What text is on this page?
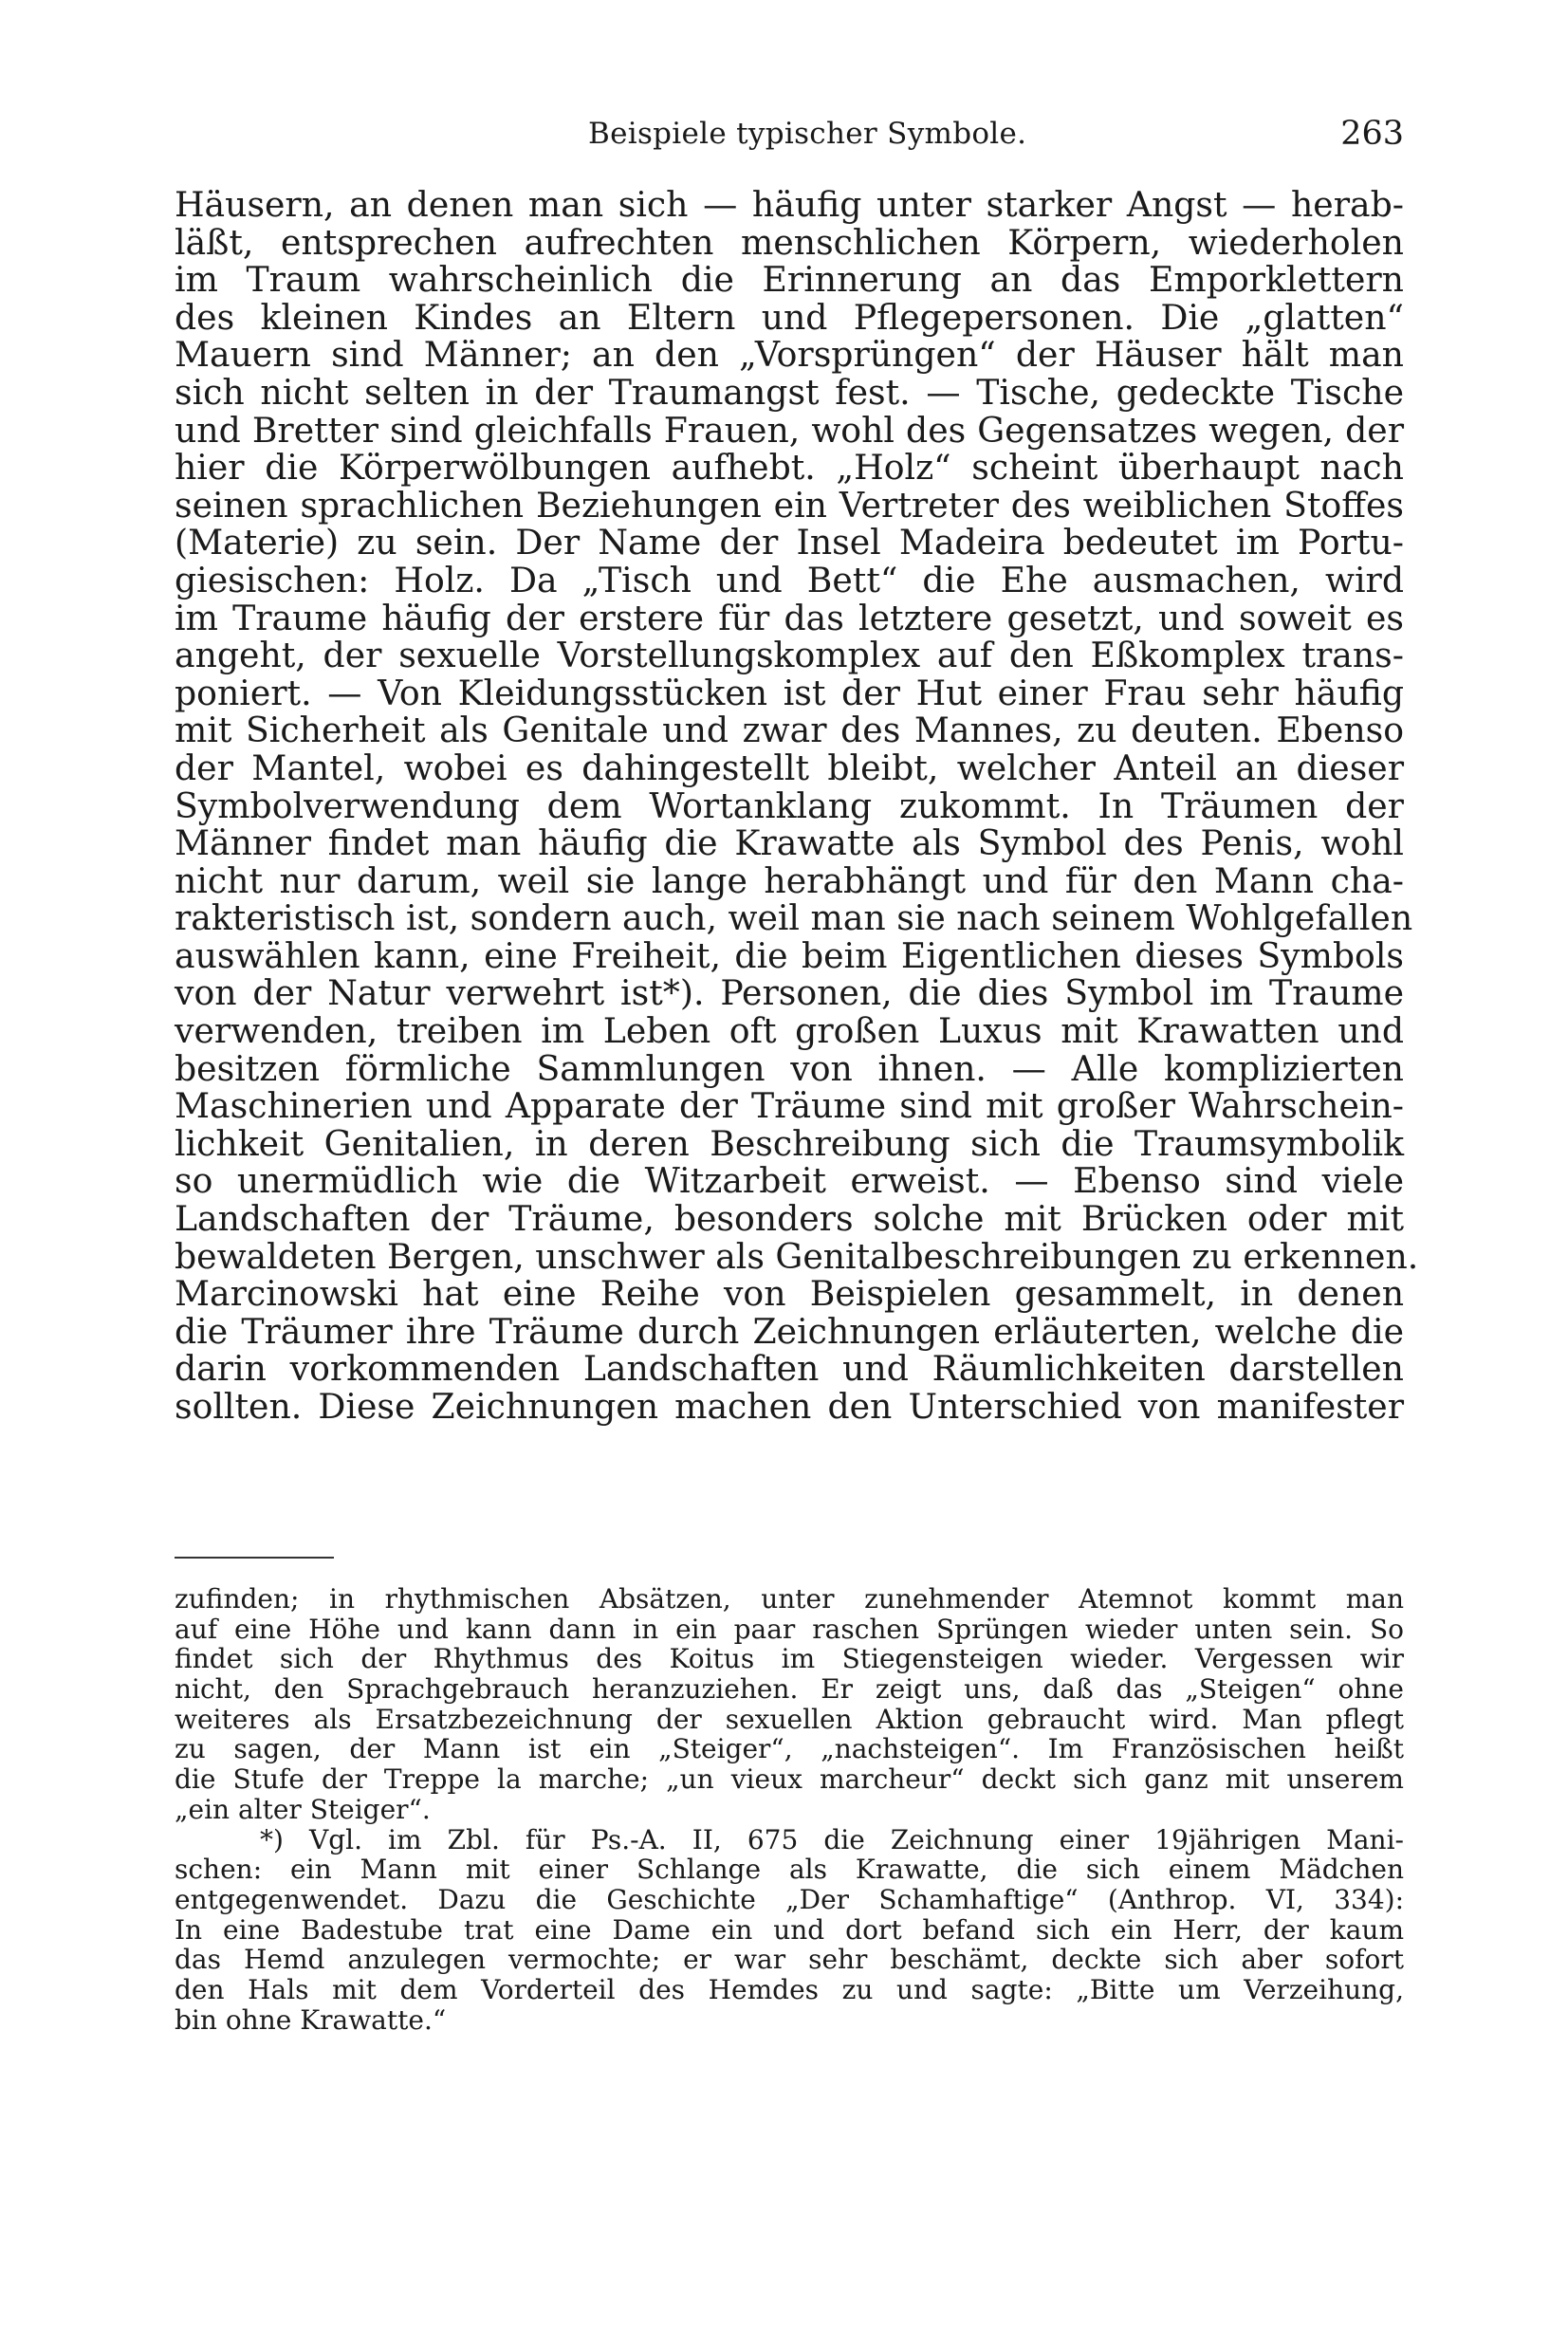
Beispiele typischer Symbole.	263
Häusern, an denen man sich — häufig unter starker Angst — herab-
läßt, entsprechen aufrechten menschlichen Körpern, wiederholen
im Traum wahrscheinlich die Erinnerung an das Emporklettern
des kleinen Kindes an Eltern und Pflegepersonen. Die „glatten“
Mauern sind Männer; an den „Vorsprüngen“ der Häuser hält man
sich nicht selten in der Traumangst fest. — Tische, gedeckte Tische
und Bretter sind gleichfalls Frauen, wohl des Gegensatzes wegen, der
hier die Körperwölbungen aufhebt. „Holz“ scheint überhaupt nach
seinen sprachlichen Beziehungen ein Vertreter des weiblichen Stoffes
(Materie) zu sein. Der Name der Insel Madeira bedeutet im Portu-
giesischen: Holz. Da „Tisch und Bett“ die Ehe ausmachen, wird
im Traume häufig der erstere für das letztere gesetzt, und soweit es
angeht, der sexuelle Vorstellungskomplex auf den Eßkomplex trans-
poniert. — Von Kleidungsstücken ist der Hut einer Frau sehr häufig
mit Sicherheit als Genitale und zwar des Mannes, zu deuten. Ebenso
der Mantel, wobei es dahingestellt bleibt, welcher Anteil an dieser
Symbolverwendung dem Wortanklang zukommt. In Träumen der
Männer findet man häufig die Krawatte als Symbol des Penis, wohl
nicht nur darum, weil sie lange herabhängt und für den Mann cha-
rakteristisch ist, sondern auch, weil man sie nach seinem Wohlgefallen
auswählen kann, eine Freiheit, die beim Eigentlichen dieses Symbols
von der Natur verwehrt ist*). Personen, die dies Symbol im Traume
verwenden, treiben im Leben oft großen Luxus mit Krawatten und
besitzen förmliche Sammlungen von ihnen. — Alle komplizierten
Maschinerien und Apparate der Träume sind mit großer Wahrschein-
lichkeit Genitalien, in deren Beschreibung sich die Traumsymbolik
so unermüdlich wie die Witzarbeit erweist. — Ebenso sind viele
Landschaften der Träume, besonders solche mit Brücken oder mit
bewaldeten Bergen, unschwer als Genitalbeschreibungen zu erkennen.
Marcinowski hat eine Reihe von Beispielen gesammelt, in denen
die Träumer ihre Träume durch Zeichnungen erläuterten, welche die
darin vorkommenden Landschaften und Räumlichkeiten darstellen
sollten. Diese Zeichnungen machen den Unterschied von manifester
zufinden; in rhythmischen Absätzen, unter zunehmender Atemnot kommt man
auf eine Höhe und kann dann in ein paar raschen Sprüngen wieder unten sein. So
findet sich der Rhythmus des Koitus im Stiegensteigen wieder. Vergessen wir
nicht, den Sprachgebrauch heranzuziehen. Er zeigt uns, daß das „Steigen“ ohne
weiteres als Ersatzbezeichnung der sexuellen Aktion gebraucht wird. Man pflegt
zu sagen, der Mann ist ein „Steiger“, „nachsteigen“. Im Französischen heißt
die Stufe der Treppe la marche; „un vieux marcheur“ deckt sich ganz mit unserem
„ein alter Steiger“.
*) Vgl. im Zbl. für Ps.-A. II, 675 die Zeichnung einer 19jährigen Mani-
schen: ein Mann mit einer Schlange als Krawatte, die sich einem Mädchen
entgegenwendet. Dazu die Geschichte „Der Schamhaftige“ (Anthrop. VI, 334):
In eine Badestube trat eine Dame ein und dort befand sich ein Herr, der kaum
das Hemd anzulegen vermochte; er war sehr beschämt, deckte sich aber sofort
den Hals mit dem Vorderteil des Hemdes zu und sagte: „Bitte um Verzeihung,
bin ohne Krawatte.“
